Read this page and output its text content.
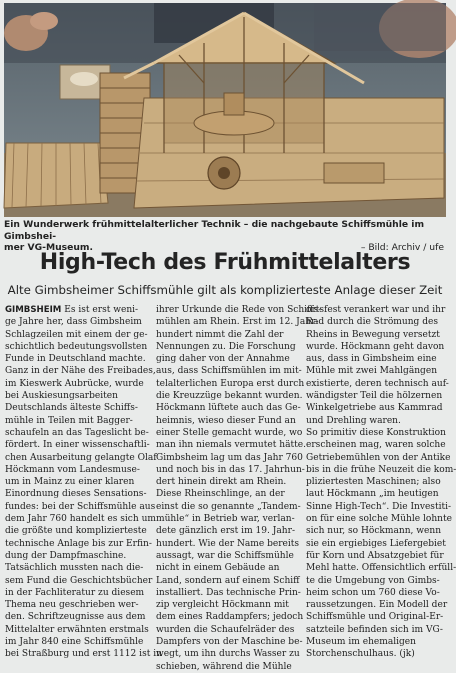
Ein Wunderwerk frühmittelalterlicher Technik – die nachgebaute Schiffsmühle im Gimbshei-
mer VG-Museum.	– Bild: Archiv / ufe
High-Tech des Frühmittelalters
Alte Gimbsheimer Schiffsmühle gilt als komplizierteste Anlage dieser Zeit
GIMBSHEIM Es ist erst weni-
ge Jahre her, dass Gimbsheim
Schlagzeilen mit einem der ge-
schichtlich bedeutungsvollsten
Funde in Deutschland machte.
Ganz in der Nähe des Freibades,
im Kieswerk Aubrücke, wurde
bei Auskiesungsarbeiten
Deutschlands älteste Schiffs-
mühle in Teilen mit Bagger-
schaufeln an das Tageslicht be-
fördert. In einer wissenschaftli-
chen Ausarbeitung gelangte Olaf
Höckmann vom Landesmuse-
um in Mainz zu einer klaren
Einordnung dieses Sensations-
fundes: bei der Schiffsmühle aus
dem Jahr 760 handelt es sich um
die größte und komplizierteste
technische Anlage bis zur Erfin-
dung der Dampfmaschine.
Tatsächlich mussten nach die-
sem Fund die Geschichtsbücher
in der Fachliteratur zu diesem
Thema neu geschrieben wer-
den. Schriftzeugnisse aus dem
Mittelalter erwähnten erstmals
im Jahr 840 eine Schiffsmühle
bei Straßburg und erst 1112 ist in
ihrer Urkunde die Rede von Schiffs-
mühlen am Rhein. Erst im 12. Jahr-
hundert nimmt die Zahl der
Nennungen zu. Die Forschung
ging daher von der Annahme
aus, dass Schiffsmühlen im mit-
telalterlichen Europa erst durch
die Kreuzzüge bekannt wurden.
Höckmann lüftete auch das Ge-
heimnis, wieso dieser Fund an
einer Stelle gemacht wurde, wo
man ihn niemals vermutet hätte.
Gimbsheim lag um das Jahr 760
und noch bis in das 17. Jahrhun-
dert hinein direkt am Rhein.
Diese Rheinschlinge, an der
einst die so genannte „Tandem-
mühle“ in Betrieb war, verlan-
dete gänzlich erst im 19. Jahr-
hundert. Wie der Name bereits
aussagt, war die Schiffsmühle
nicht in einem Gebäude an
Land, sondern auf einem Schiff
installiert. Das technische Prin-
zip vergleicht Höckmann mit
dem eines Raddampfers; jedoch
wurden die Schaufelräder des
Dampfers von der Maschine be-
wegt, um ihn durchs Wasser zu
schieben, während die Mühle
ortsfest verankert war und ihr
Rad durch die Strömung des
Rheins in Bewegung versetzt
wurde. Höckmann geht davon
aus, dass in Gimbsheim eine
Mühle mit zwei Mahlgängen
existierte, deren technisch auf-
wändigster Teil die hölzernen
Winkelgetriebe aus Kammrad
und Drehling waren.
So primitiv diese Konstruktion
erscheinen mag, waren solche
Getriebemühlen von der Antike
bis in die frühe Neuzeit die kom-
pliziertesten Maschinen; also
laut Höckmann „im heutigen
Sinne High-Tech“. Die Investiti-
on für eine solche Mühle lohnte
sich nur, so Höckmann, wenn
sie ein ergiebiges Liefergebiet
für Korn und Absatzgebiet für
Mehl hatte. Offensichtlich erfüll-
te die Umgebung von Gimbs-
heim schon um 760 diese Vo-
raussetzungen. Ein Modell der
Schiffsmühle und Original-Er-
satzteile befinden sich im VG-
Museum im ehemaligen
Storchenschulhaus. (jk)
